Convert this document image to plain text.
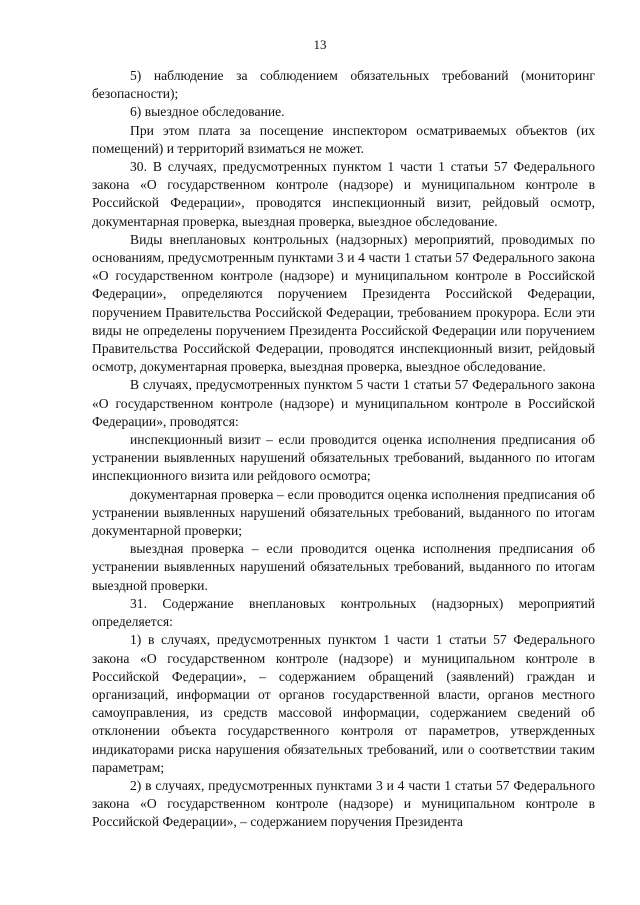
13

5) наблюдение за соблюдением обязательных требований (мониторинг безопасности);

6) выездное обследование.

При этом плата за посещение инспектором осматриваемых объектов (их помещений) и территорий взиматься не может.

30. В случаях, предусмотренных пунктом 1 части 1 статьи 57 Федерального закона «О государственном контроле (надзоре) и муниципальном контроле в Российской Федерации», проводятся инспекционный визит, рейдовый осмотр, документарная проверка, выездная проверка, выездное обследование.

Виды внеплановых контрольных (надзорных) мероприятий, проводимых по основаниям, предусмотренным пунктами 3 и 4 части 1 статьи 57 Федерального закона «О государственном контроле (надзоре) и муниципальном контроле в Российской Федерации», определяются поручением Президента Российской Федерации, поручением Правительства Российской Федерации, требованием прокурора. Если эти виды не определены поручением Президента Российской Федерации или поручением Правительства Российской Федерации, проводятся инспекционный визит, рейдовый осмотр, документарная проверка, выездная проверка, выездное обследование.

В случаях, предусмотренных пунктом 5 части 1 статьи 57 Федерального закона «О государственном контроле (надзоре) и муниципальном контроле в Российской Федерации», проводятся:

инспекционный визит – если проводится оценка исполнения предписания об устранении выявленных нарушений обязательных требований, выданного по итогам инспекционного визита или рейдового осмотра;

документарная проверка – если проводится оценка исполнения предписания об устранении выявленных нарушений обязательных требований, выданного по итогам документарной проверки;

выездная проверка – если проводится оценка исполнения предписания об устранении выявленных нарушений обязательных требований, выданного по итогам выездной проверки.

31. Содержание внеплановых контрольных (надзорных) мероприятий определяется:

1) в случаях, предусмотренных пунктом 1 части 1 статьи 57 Федерального закона «О государственном контроле (надзоре) и муниципальном контроле в Российской Федерации», – содержанием обращений (заявлений) граждан и организаций, информации от органов государственной власти, органов местного самоуправления, из средств массовой информации, содержанием сведений об отклонении объекта государственного контроля от параметров, утвержденных индикаторами риска нарушения обязательных требований, или о соответствии таким параметрам;

2) в случаях, предусмотренных пунктами 3 и 4 части 1 статьи 57 Федерального закона «О государственном контроле (надзоре) и муниципальном контроле в Российской Федерации», – содержанием поручения Президента
